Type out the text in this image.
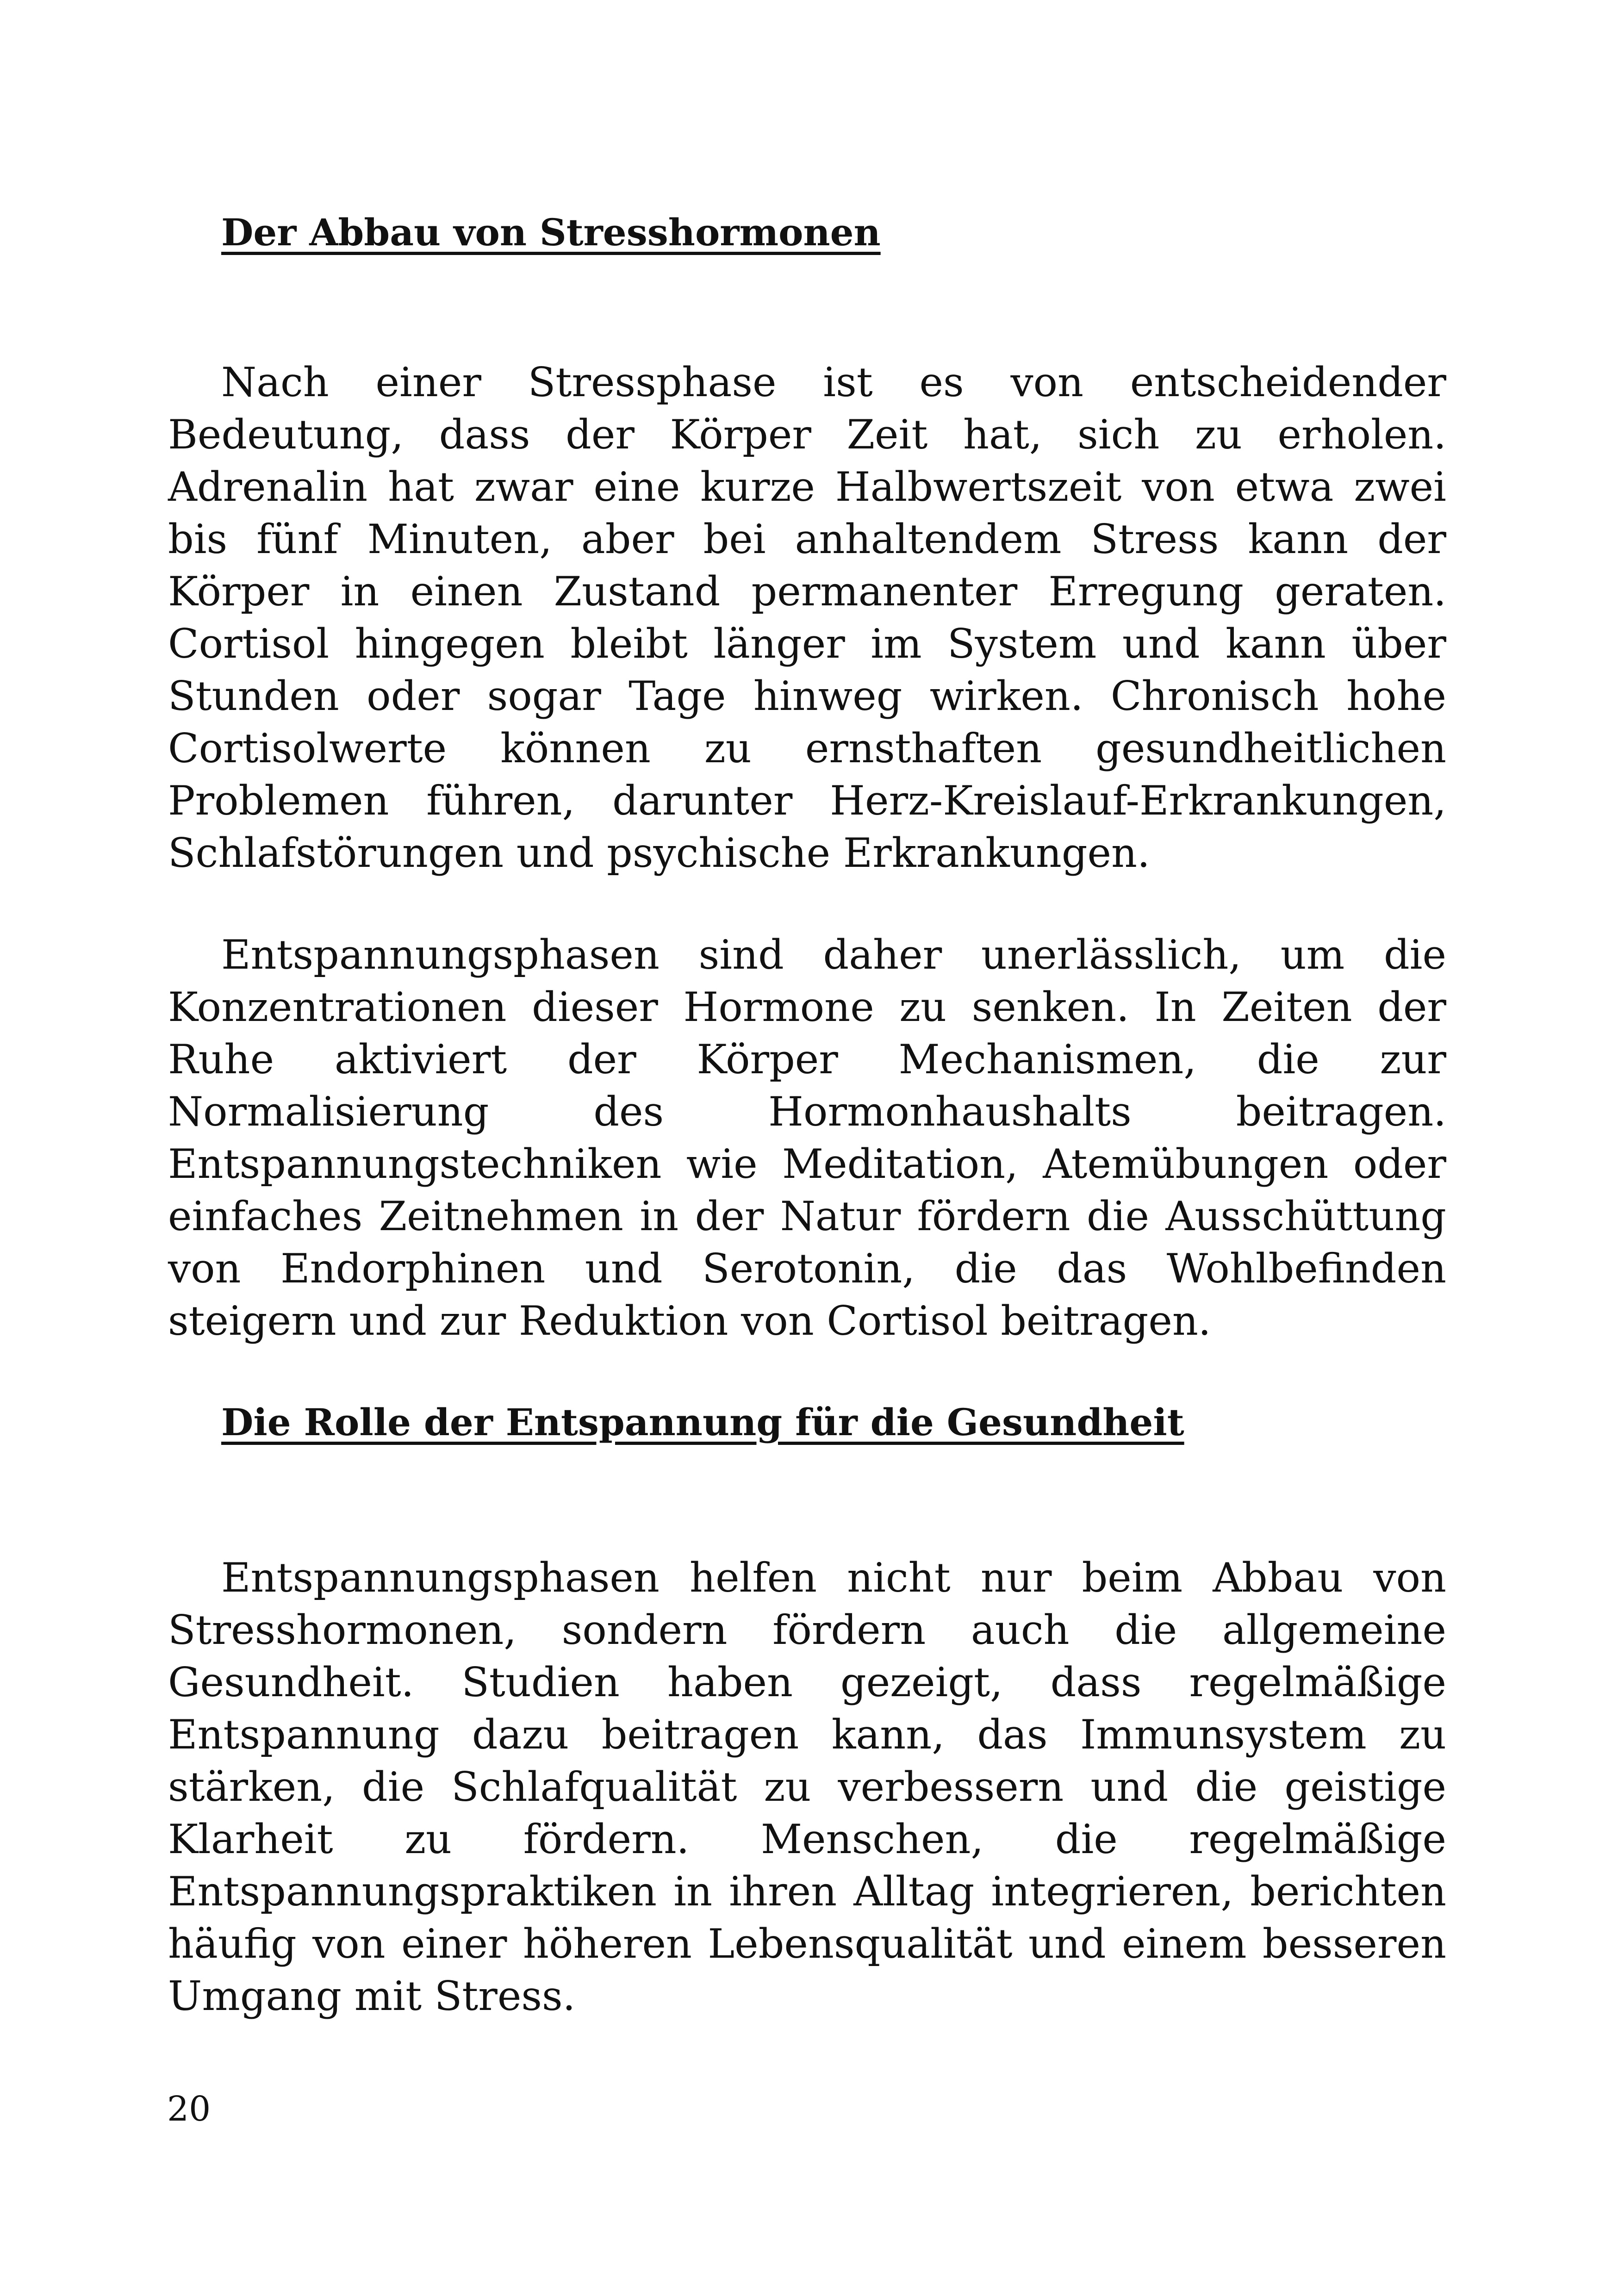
Der Abbau von Stresshormonen

Nach einer Stressphase ist es von entscheidender Bedeutung, dass der Körper Zeit hat, sich zu erholen. Adrenalin hat zwar eine kurze Halbwertszeit von etwa zwei bis fünf Minuten, aber bei anhaltendem Stress kann der Körper in einen Zustand permanenter Erregung geraten. Cortisol hingegen bleibt länger im System und kann über Stunden oder sogar Tage hinweg wirken. Chronisch hohe Cortisolwerte können zu ernsthaften gesundheitlichen Problemen führen, darunter Herz-Kreislauf-Erkrankungen, Schlafstörungen und psychische Erkrankungen.

Entspannungsphasen sind daher unerlässlich, um die Konzentrationen dieser Hormone zu senken. In Zeiten der Ruhe aktiviert der Körper Mechanismen, die zur Normalisierung des Hormonhaushalts beitragen. Entspannungstechniken wie Meditation, Atemübungen oder einfaches Zeitnehmen in der Natur fördern die Ausschüttung von Endorphinen und Serotonin, die das Wohlbefinden steigern und zur Reduktion von Cortisol beitragen.

Die Rolle der Entspannung für die Gesundheit

Entspannungsphasen helfen nicht nur beim Abbau von Stresshormonen, sondern fördern auch die allgemeine Gesundheit. Studien haben gezeigt, dass regelmäßige Entspannung dazu beitragen kann, das Immunsystem zu stärken, die Schlafqualität zu verbessern und die geistige Klarheit zu fördern. Menschen, die regelmäßige Entspannungspraktiken in ihren Alltag integrieren, berichten häufig von einer höheren Lebensqualität und einem besseren Umgang mit Stress.

20
